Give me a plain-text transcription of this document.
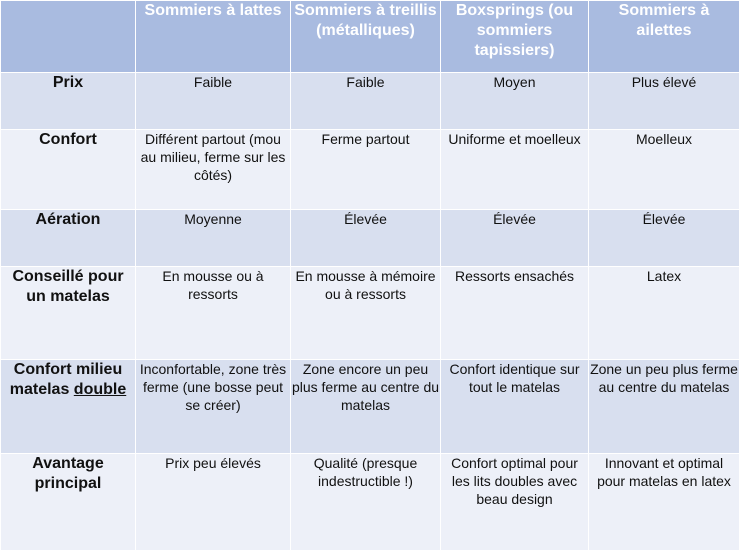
	Sommiers à lattes	Sommiers à treillis (métalliques)	Boxsprings (ou sommiers tapissiers)	Sommiers à ailettes
Prix	Faible	Faible	Moyen	Plus élevé
Confort	Différent partout (mou au milieu, ferme sur les côtés)	Ferme partout	Uniforme et moelleux	Moelleux
Aération	Moyenne	Élevée	Élevée	Élevée
Conseillé pour un matelas	En mousse ou à ressorts	En mousse à mémoire ou à ressorts	Ressorts ensachés	Latex
Confort milieu matelas double	Inconfortable, zone très ferme (une bosse peut se créer)	Zone encore un peu plus ferme au centre du matelas	Confort identique sur tout le matelas	Zone un peu plus ferme au centre du matelas
Avantage principal	Prix peu élevés	Qualité (presque indestructible !)	Confort optimal pour les lits doubles avec beau design	Innovant et optimal pour matelas en latex
